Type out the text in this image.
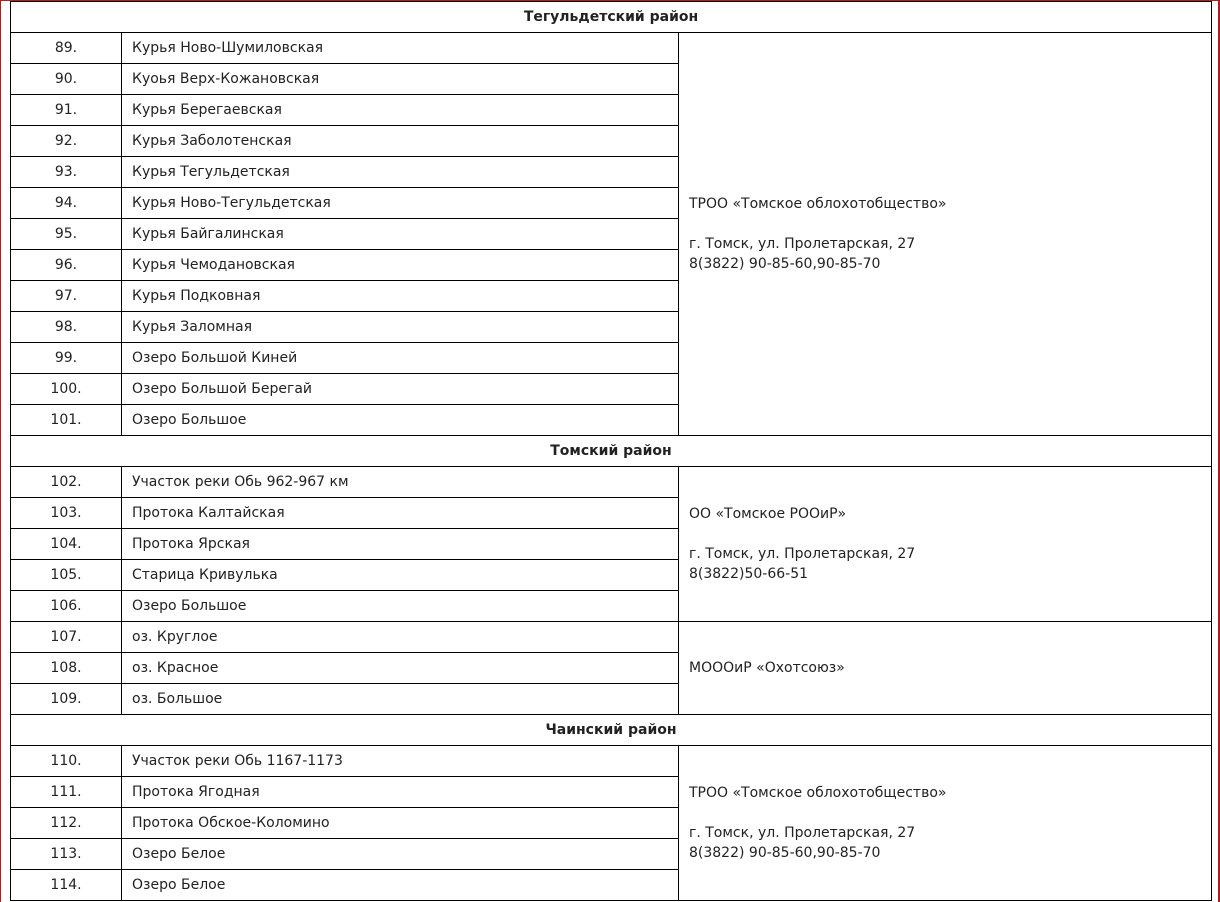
Тегульдетский район		
89.	Курья Ново-Шумиловская	ТРОО «Томское облохотобщество»
г. Томск, ул. Пролетарская, 27
8(3822) 90-85-60,90-85-70

90.	Куоья Верх-Кожановская	
91.	Курья Берегаевская	
92.	Курья Заболотенская	
93.	Курья Тегульдетская	
94.	Курья Ново-Тегульдетская	
95.	Курья Байгалинская	
96.	Курья Чемодановская	
97.	Курья Подковная	
98.	Курья Заломная	
99.	Озеро Большой Киней	
100.	Озеро Большой Берегай	
101.	Озеро Большое	
Томский район		
102.	Участок реки Обь 962-967 км	ОО «Томское РООиР»
г. Томск, ул. Пролетарская, 27
8(3822)50-66-51

103.	Протока Калтайская	
104.	Протока Ярская	
105.	Старица Кривулька	
106.	Озеро Большое	
107.	оз. Круглое	МОООиР «Охотсоюз»

108.	оз. Красное	
109.	оз. Большое	
Чаинский район		
110.	Участок реки Обь 1167-1173	ТРОО «Томское облохотобщество»
г. Томск, ул. Пролетарская, 27
8(3822) 90-85-60,90-85-70

111.	Протока Ягодная	
112.	Протока Обское-Коломино	
113.	Озеро Белое	
114.	Озеро Белое	
